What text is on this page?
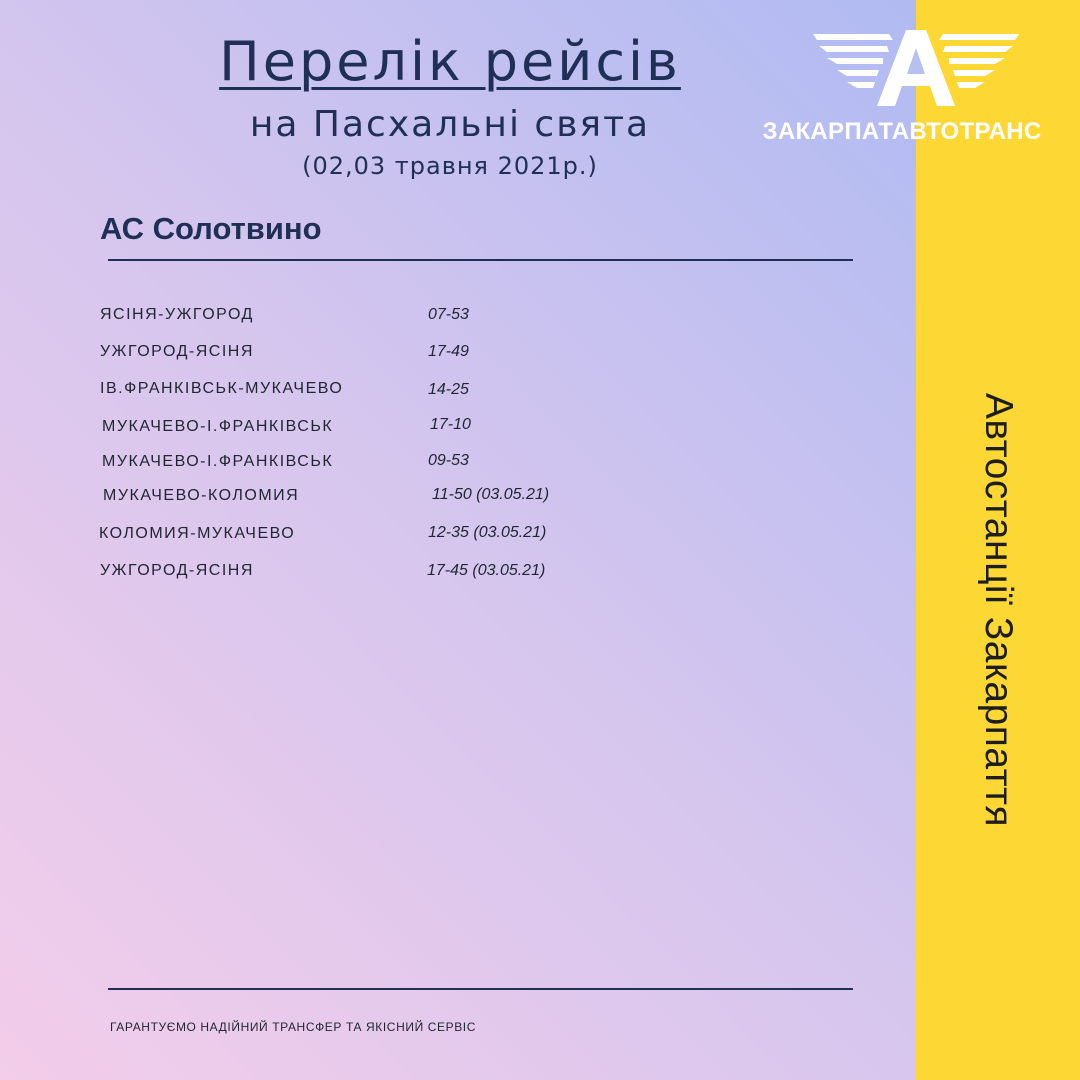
Автостанції Закарпаття
ЗАКАРПАТАВТОТРАНС
Перелік рейсів
на Пасхальні свята
(02,03 травня 2021р.)
АС Солотвино
ЯСІНЯ-УЖГОРОД	07-53
УЖГОРОД-ЯСІНЯ	17-49
ІВ.ФРАНКІВСЬК-МУКАЧЕВО	14-25
МУКАЧЕВО-І.ФРАНКІВСЬК	17-10
МУКАЧЕВО-І.ФРАНКІВСЬК	09-53
МУКАЧЕВО-КОЛОМИЯ	11-50 (03.05.21)
КОЛОМИЯ-МУКАЧЕВО	12-35 (03.05.21)
УЖГОРОД-ЯСІНЯ	17-45 (03.05.21)
ГАРАНТУЄМО НАДІЙНИЙ ТРАНСФЕР ТА ЯКІСНИЙ СЕРВІС
